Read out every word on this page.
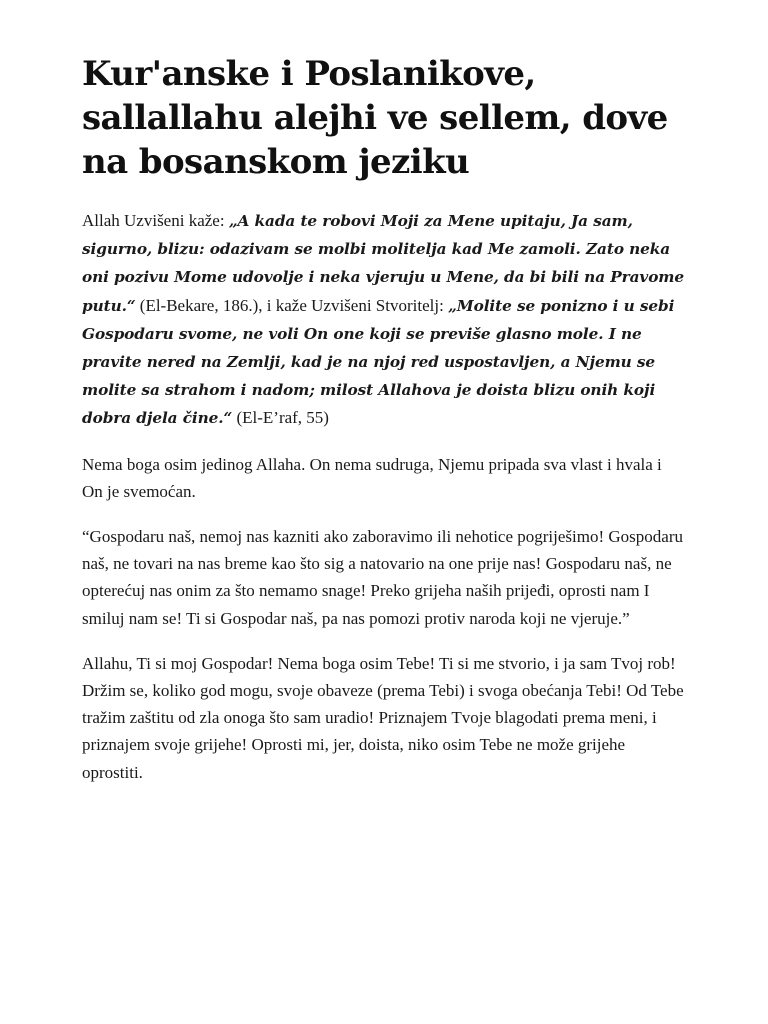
Kur'anske i Poslanikove, sallallahu alejhi ve sellem, dove na bosanskom jeziku

Allah Uzvišeni kaže: „A kada te robovi Moji za Mene upitaju, Ja sam, sigurno, blizu: odazivam se molbi molitelja kad Me zamoli. Zato neka oni pozivu Mome udovolje i neka vjeruju u Mene, da bi bili na Pravome putu.“ (El-Bekare, 186.), i kaže Uzvišeni Stvoritelj: „Molite se ponizno i u sebi Gospodaru svome, ne voli On one koji se previše glasno mole. I ne pravite nered na Zemlji, kad je na njoj red uspostavljen, a Njemu se molite sa strahom i nadom; milost Allahova je doista blizu onih koji dobra djela čine.“ (El-E’raf, 55)

Nema boga osim jedinog Allaha. On nema sudruga, Njemu pripada sva vlast i hvala i On je svemoćan.

“Gospodaru naš, nemoj nas kazniti ako zaboravimo ili nehotice pogriješimo! Gospodaru naš, ne tovari na nas breme kao što sig a natovario na one prije nas! Gospodaru naš, ne opterećuj nas onim za što nemamo snage! Preko grijeha naših prijeđi, oprosti nam I smiluj nam se! Ti si Gospodar naš, pa nas pomozi protiv naroda koji ne vjeruje.”

Allahu, Ti si moj Gospodar! Nema boga osim Tebe! Ti si me stvorio, i ja sam Tvoj rob! Držim se, koliko god mogu, svoje obaveze (prema Tebi) i svoga obećanja Tebi! Od Tebe tražim zaštitu od zla onoga što sam uradio! Priznajem Tvoje blagodati prema meni, i priznajem svoje grijehe! Oprosti mi, jer, doista, niko osim Tebe ne može grijehe oprostiti.
